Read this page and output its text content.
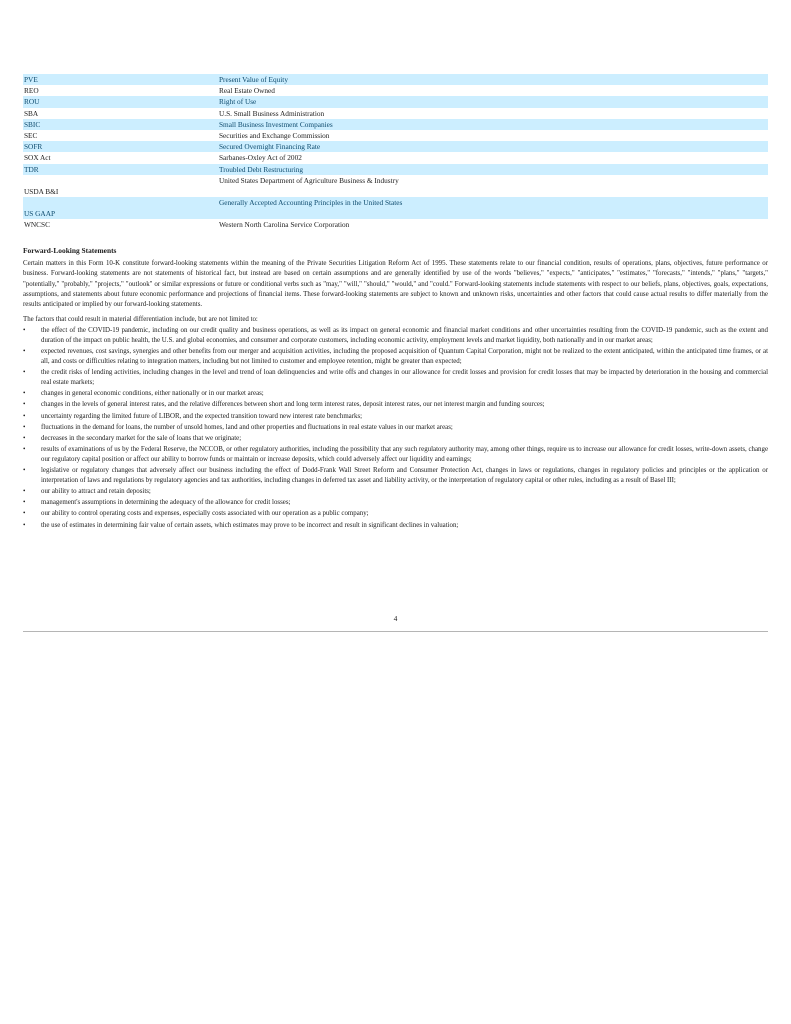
PVE	Present Value of Equity
REO	Real Estate Owned
ROU	Right of Use
SBA	U.S. Small Business Administration
SBIC	Small Business Investment Companies
SEC	Securities and Exchange Commission
SOFR	Secured Overnight Financing Rate
SOX Act	Sarbanes-Oxley Act of 2002
TDR	Troubled Debt Restructuring
USDA B&I	United States Department of Agriculture Business & Industry
US GAAP	Generally Accepted Accounting Principles in the United States
WNCSC	Western North Carolina Service Corporation
Forward-Looking Statements

Certain matters in this Form 10-K constitute forward-looking statements within the meaning of the Private Securities Litigation Reform Act of 1995. These statements relate to our financial condition, results of operations, plans, objectives, future performance or business. Forward-looking statements are not statements of historical fact, but instead are based on certain assumptions and are generally identified by use of the words "believes," "expects," "anticipates," "estimates," "forecasts," "intends," "plans," "targets," "potentially," "probably," "projects," "outlook" or similar expressions or future or conditional verbs such as "may," "will," "should," "would," and "could." Forward-looking statements include statements with respect to our beliefs, plans, objectives, goals, expectations, assumptions, and statements about future economic performance and projections of financial items. These forward-looking statements are subject to known and unknown risks, uncertainties and other factors that could cause actual results to differ materially from the results anticipated or implied by our forward-looking statements.

The factors that could result in material differentiation include, but are not limited to:

• the effect of the COVID-19 pandemic, including on our credit quality and business operations, as well as its impact on general economic and financial market conditions and other uncertainties resulting from the COVID-19 pandemic, such as the extent and duration of the impact on public health, the U.S. and global economies, and consumer and corporate customers, including economic activity, employment levels and market liquidity, both nationally and in our market areas;
• expected revenues, cost savings, synergies and other benefits from our merger and acquisition activities, including the proposed acquisition of Quantum Capital Corporation, might not be realized to the extent anticipated, within the anticipated time frames, or at all, and costs or difficulties relating to integration matters, including but not limited to customer and employee retention, might be greater than expected;
• the credit risks of lending activities, including changes in the level and trend of loan delinquencies and write offs and changes in our allowance for credit losses and provision for credit losses that may be impacted by deterioration in the housing and commercial real estate markets;
• changes in general economic conditions, either nationally or in our market areas;
• changes in the levels of general interest rates, and the relative differences between short and long term interest rates, deposit interest rates, our net interest margin and funding sources;
• uncertainty regarding the limited future of LIBOR, and the expected transition toward new interest rate benchmarks;
• fluctuations in the demand for loans, the number of unsold homes, land and other properties and fluctuations in real estate values in our market areas;
• decreases in the secondary market for the sale of loans that we originate;
• results of examinations of us by the Federal Reserve, the NCCOB, or other regulatory authorities, including the possibility that any such regulatory authority may, among other things, require us to increase our allowance for credit losses, write-down assets, change our regulatory capital position or affect our ability to borrow funds or maintain or increase deposits, which could adversely affect our liquidity and earnings;
• legislative or regulatory changes that adversely affect our business including the effect of Dodd-Frank Wall Street Reform and Consumer Protection Act, changes in laws or regulations, changes in regulatory policies and principles or the application or interpretation of laws and regulations by regulatory agencies and tax authorities, including changes in deferred tax asset and liability activity, or the interpretation of regulatory capital or other rules, including as a result of Basel III;
• our ability to attract and retain deposits;
• management's assumptions in determining the adequacy of the allowance for credit losses;
• our ability to control operating costs and expenses, especially costs associated with our operation as a public company;
• the use of estimates in determining fair value of certain assets, which estimates may prove to be incorrect and result in significant declines in valuation;
4
